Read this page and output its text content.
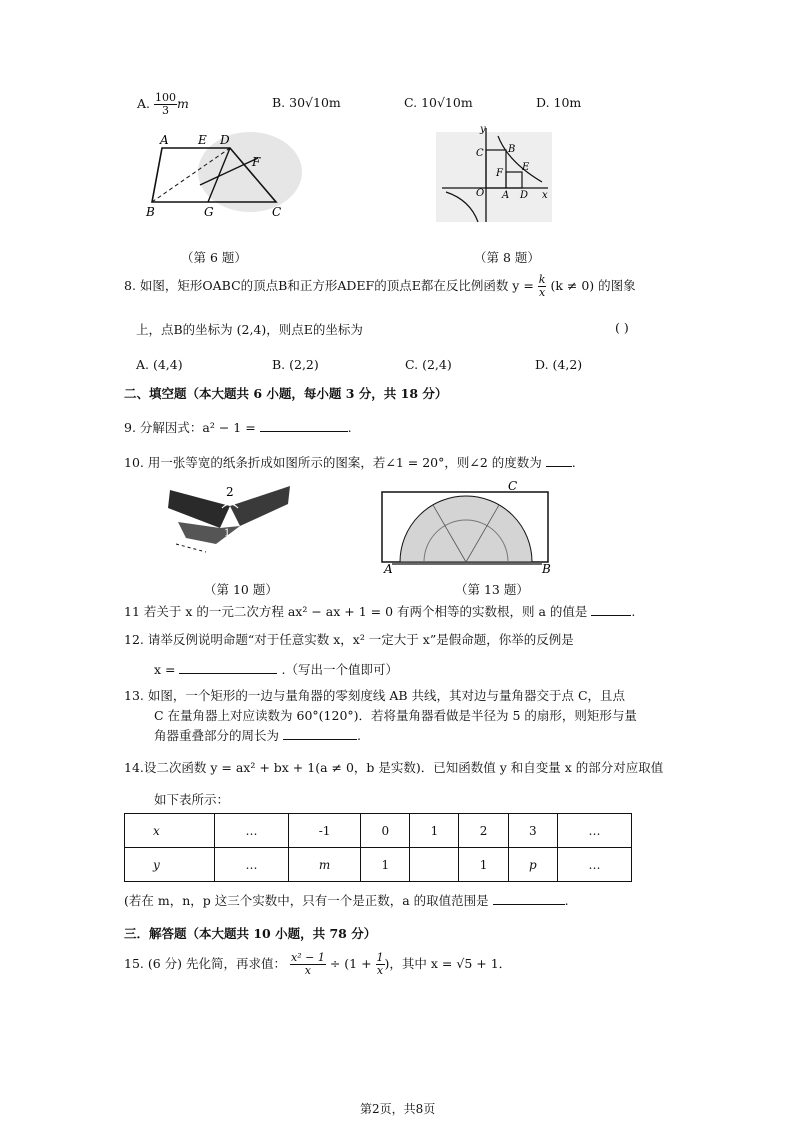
A. $\frac{100}{3}$ m	B. 30√10m	C. 10√10m	D. 10m
A E D
F
B	G	C
（第 6 题）
y
x
O A
B
C
D
E
F
（第 8 题）
8. 如图，矩形OABC的顶点B和正方形ADEF的顶点E都在反比例函数 $y = \frac{k}{x} (k \ne 0)$ 的图象
上，点B的坐标为 (2,4)，则点E的坐标为	( )
A. (4,4)	B. (2,2)	C. (2,4)	D. (4,2)
二、填空题（本大题共 6 小题，每小题 3 分，共 18 分）
9. 分解因式：a² − 1 =	.
10. 用一张等宽的纸条折成如图所示的图案，若∠1 = 20°，则∠2 的度数为 .
2
1
（第 10 题）
A	B
C
（第 13 题）
11 若关于 x 的一元二次方程 ax² − ax + 1 = 0 有两个相等的实数根，则 a 的值是	.
12. 请举反例说明命题“对于任意实数 x，x² 一定大于 x”是假命题，你举的反例是
x =	.（写出一个值即可）
13. 如图，一个矩形的一边与量角器的零刻度线 AB 共线，其对边与量角器交于点 C，且点
C 在量角器上对应读数为 60°(120°)．若将量角器看做是半径为 5 的扇形，则矩形与量
角器重叠部分的周长为	.
14.设二次函数 y = ax² + bx + 1(a ≠ 0，b 是实数)．已知函数值 y 和自变量 x 的部分对应取值
如下表所示：
x	…	-1	0	1	2	3	…
y	…	m	1		1	p	…
(若在 m，n，p 这三个实数中，只有一个是正数，a 的取值范围是	.
三．解答题（本大题共 10 小题，共 78 分）
15. (6 分) 先化简，再求值： $\frac{\text{x² − 1}}{x} \div (1 + \frac{1}{x}$ )，其中 x = √5 + 1．
第2页，共8页
